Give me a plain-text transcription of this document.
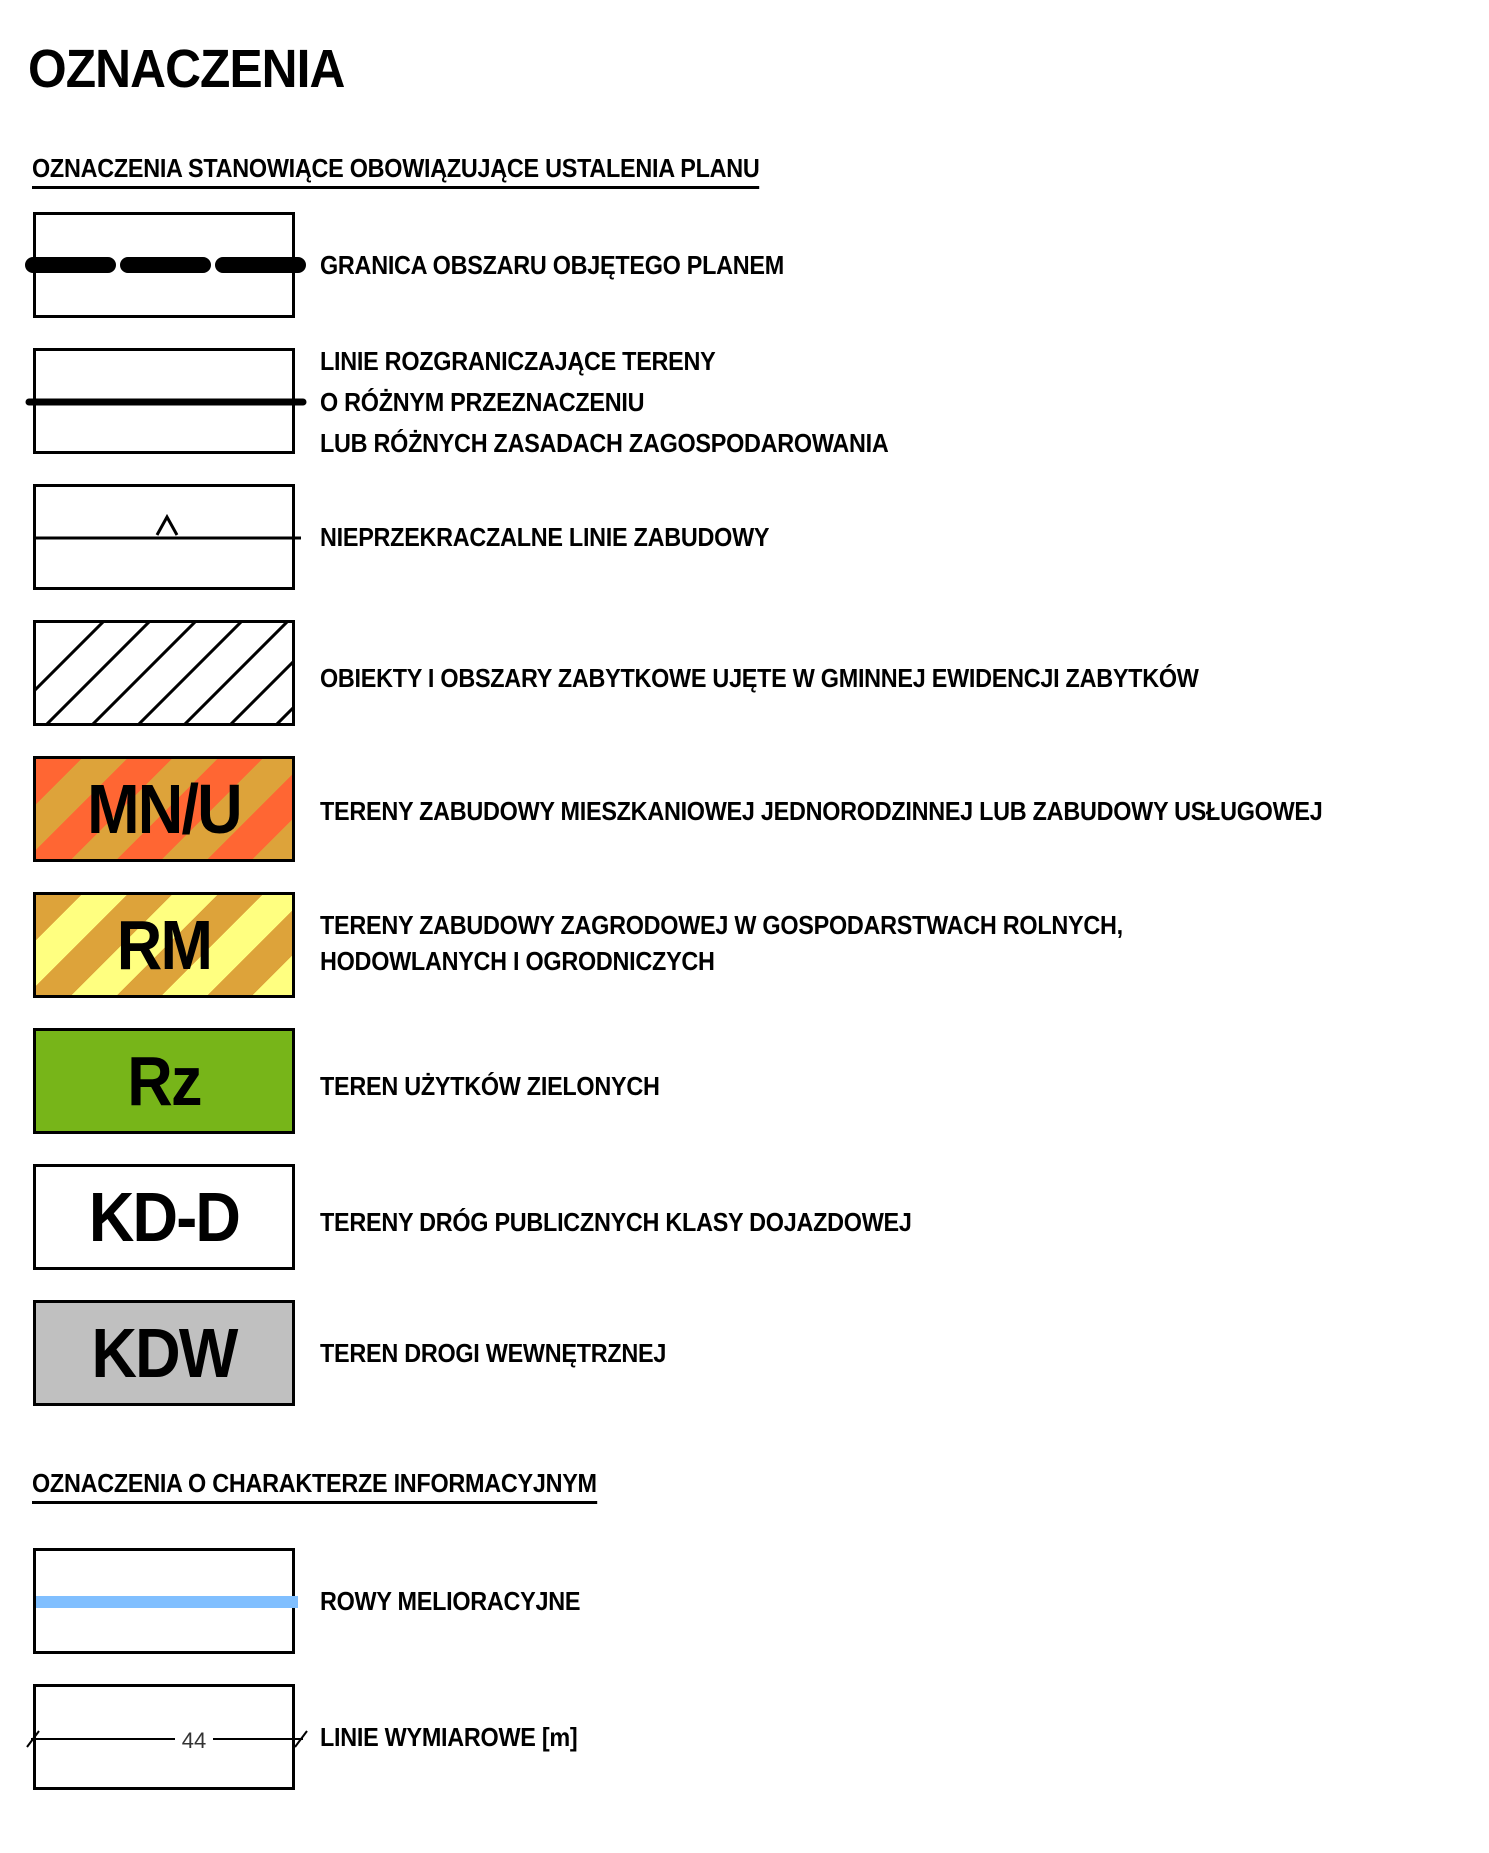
OZNACZENIA
OZNACZENIA STANOWIĄCE OBOWIĄZUJĄCE USTALENIA PLANU
GRANICA OBSZARU OBJĘTEGO PLANEM
LINIE ROZGRANICZAJĄCE TERENY
O RÓŻNYM PRZEZNACZENIU
LUB RÓŻNYCH ZASADACH ZAGOSPODAROWANIA
NIEPRZEKRACZALNE LINIE ZABUDOWY
OBIEKTY I OBSZARY ZABYTKOWE UJĘTE W GMINNEJ EWIDENCJI ZABYTKÓW
MN/U	TERENY ZABUDOWY MIESZKANIOWEJ JEDNORODZINNEJ LUB ZABUDOWY USŁUGOWEJ
RM	TERENY ZABUDOWY ZAGRODOWEJ W GOSPODARSTWACH ROLNYCH,
HODOWLANYCH I OGRODNICZYCH
Rz	TEREN UŻYTKÓW ZIELONYCH
KD-D	TERENY DRÓG PUBLICZNYCH KLASY DOJAZDOWEJ
KDW	TEREN DROGI WEWNĘTRZNEJ
OZNACZENIA O CHARAKTERZE INFORMACYJNYM
ROWY MELIORACYJNE
44	LINIE WYMIAROWE [m]
